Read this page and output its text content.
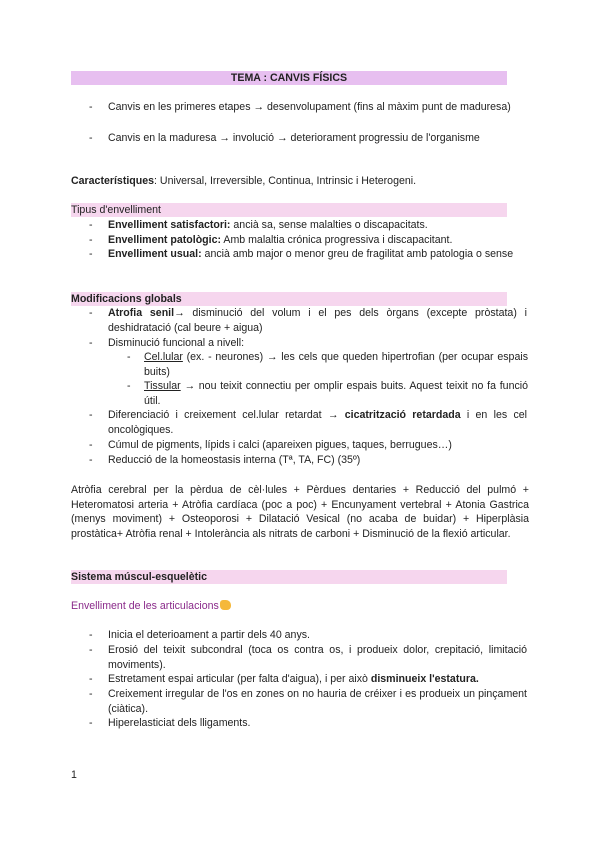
TEMA : CANVIS FÍSICS
- Canvis en les primeres etapes → desenvolupament (fins al màxim punt de maduresa)
- Canvis en la maduresa → involució → deteriorament progressiu de l'organisme
Característiques: Universal, Irreversible, Continua, Intrinsic i Heterogeni.
Tipus d'envelliment
- Envelliment satisfactori: ancià sa, sense malalties o discapacitats.
- Envelliment patològic: Amb malaltia crónica progressiva i discapacitant.
- Envelliment usual: ancià amb major o menor greu de fragilitat amb patologia o sense
Modificacions globals
- Atrofia senil→ disminució del volum i el pes dels òrgans (excepte pròstata) i deshidratació (cal beure + aigua)
- Disminució funcional a nivell:
- Cel.lular (ex. - neurones) → les cels que queden hipertrofian (per ocupar espais buits)
- Tissular → nou teixit connectiu per omplir espais buits. Aquest teixit no fa funció útil.
- Diferenciació i creixement cel.lular retardat → cicatrització retardada i en les cel oncològiques.
- Cúmul de pigments, lípids i calci (apareixen pigues, taques, berrugues…)
- Reducció de la homeostasis interna (Tª, TA, FC) (35º)
Atròfia cerebral per la pèrdua de cèl·lules + Pèrdues dentaries + Reducció del pulmó + Heteromatosi arteria + Atròfia cardíaca (poc a poc) + Encunyament vertebral + Atonia Gastrica (menys moviment) + Osteoporosi + Dilatació Vesical (no acaba de buidar) + Hiperplàsia prostàtica+ Atròfia renal + Intolerància als nitrats de carboni + Disminució de la flexió articular.
Sistema múscul-esquelètic
Envelliment de les articulacions
- Inicia el deterioament a partir dels 40 anys.
- Erosió del teixit subcondral (toca os contra os, i produeix dolor, crepitació, limitació moviments).
- Estretament espai articular (per falta d'aigua), i per això disminueix l'estatura.
- Creixement irregular de l'os en zones on no hauria de créixer i es produeix un pinçament (ciàtica).
- Hiperelasticiat dels lligaments.
1
